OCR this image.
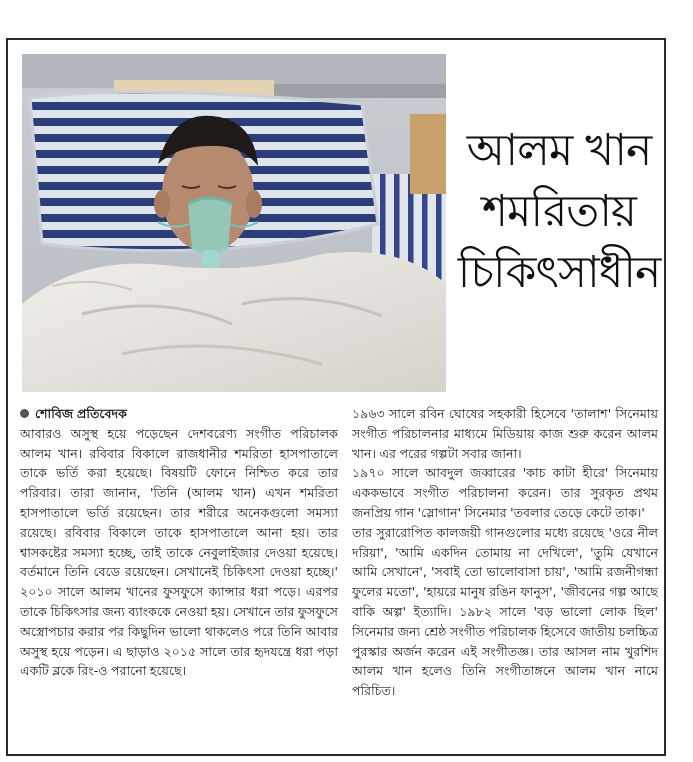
আলম খান
শমরিতায়
চিকিৎসাধীন
শোবিজ প্রতিবেদক

আবারও অসুস্থ হয়ে পড়েছেন দেশবরেণ্য সংগীত পরিচালক আলম খান। রবিবার বিকালে রাজধানীর শমরিতা হাসপাতালে তাকে ভর্তি করা হয়েছে। বিষয়টি ফোনে নিশ্চিত করে তার পরিবার। তারা জানান, 'তিনি (আলম খান) এখন শমরিতা হাসপাতালে ভর্তি রয়েছেন। তার শরীরে অনেকগুলো সমস্যা রয়েছে। রবিবার বিকালে তাকে হাসপাতালে আনা হয়। তার শ্বাসকষ্টের সমস্যা হচ্ছে, তাই তাকে নেবুলাইজার দেওয়া হয়েছে। বর্তমানে তিনি বেডে রয়েছেন। সেখানেই চিকিৎসা দেওয়া হচ্ছে।' ২০১০ সালে আলম খানের ফুসফুসে ক্যান্সার ধরা পড়ে। এরপর তাকে চিকিৎসার জন্য ব্যাংককে নেওয়া হয়। সেখানে তার ফুসফুসে অস্ত্রোপচার করার পর কিছুদিন ভালো থাকলেও পরে তিনি আবার অসুস্থ হয়ে পড়েন। এ ছাড়াও ২০১৫ সালে তার হৃদযন্ত্রে ধরা পড়া একটি ব্লকে রিং-ও পরানো হয়েছে।

১৯৬৩ সালে রবিন ঘোষের সহকারী হিসেবে 'তালাশ' সিনেমায় সংগীত পরিচালনার মাধ্যমে মিডিয়ায় কাজ শুরু করেন আলম খান। এর পরের গল্পটা সবার জানা।

১৯৭০ সালে আবদুল জব্বারের 'কাচ কাটা হীরে' সিনেমায় এককভাবে সংগীত পরিচালনা করেন। তার সুরকৃত প্রথম জনপ্রিয় গান 'স্লোগান' সিনেমার 'তবলার তেড়ে কেটে তাক।'

তার সুরারোপিত কালজয়ী গানগুলোর মধ্যে রয়েছে 'ওরে নীল দরিয়া', 'আমি একদিন তোমায় না দেখিলে', 'তুমি যেখানে আমি সেখানে', 'সবাই তো ভালোবাসা চায়', 'আমি রজনীগন্ধা ফুলের মতো', 'হায়রে মানুষ রঙিন ফানুস', 'জীবনের গল্প আছে বাকি অল্প' ইত্যাদি। ১৯৮২ সালে 'বড় ভালো লোক ছিল' সিনেমার জন্য শ্রেষ্ঠ সংগীত পরিচালক হিসেবে জাতীয় চলচ্চিত্র পুরস্কার অর্জন করেন এই সংগীতজ্ঞ। তার আসল নাম খুরশিদ আলম খান হলেও তিনি সংগীতাঙ্গনে আলম খান নামে পরিচিত।
